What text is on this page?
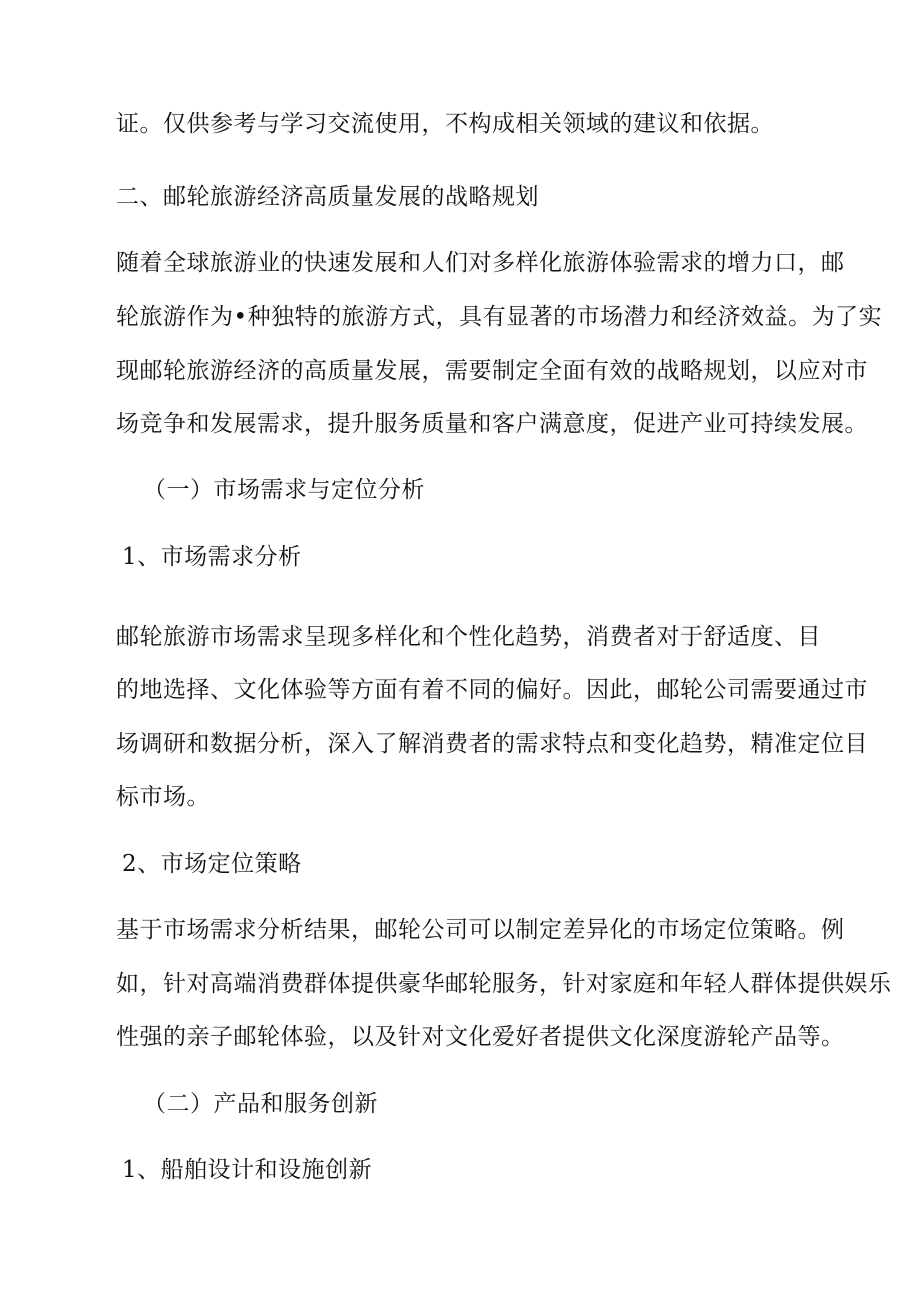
证。仅供参考与学习交流使用，不构成相关领域的建议和依据。

二、邮轮旅游经济高质量发展的战略规划

随着全球旅游业的快速发展和人们对多样化旅游体验需求的增力口，邮

轮旅游作为•种独特的旅游方式，具有显著的市场潜力和经济效益。为了实

现邮轮旅游经济的高质量发展，需要制定全面有效的战略规划，以应对市

场竞争和发展需求，提升服务质量和客户满意度，促进产业可持续发展。

（一）市场需求与定位分析

1、市场需求分析

邮轮旅游市场需求呈现多样化和个性化趋势，消费者对于舒适度、目

的地选择、文化体验等方面有着不同的偏好。因此，邮轮公司需要通过市

场调研和数据分析，深入了解消费者的需求特点和变化趋势，精准定位目

标市场。

2、市场定位策略

基于市场需求分析结果，邮轮公司可以制定差异化的市场定位策略。例

如，针对高端消费群体提供豪华邮轮服务，针对家庭和年轻人群体提供娱乐

性强的亲子邮轮体验，以及针对文化爱好者提供文化深度游轮产品等。

（二）产品和服务创新

1、船舶设计和设施创新
